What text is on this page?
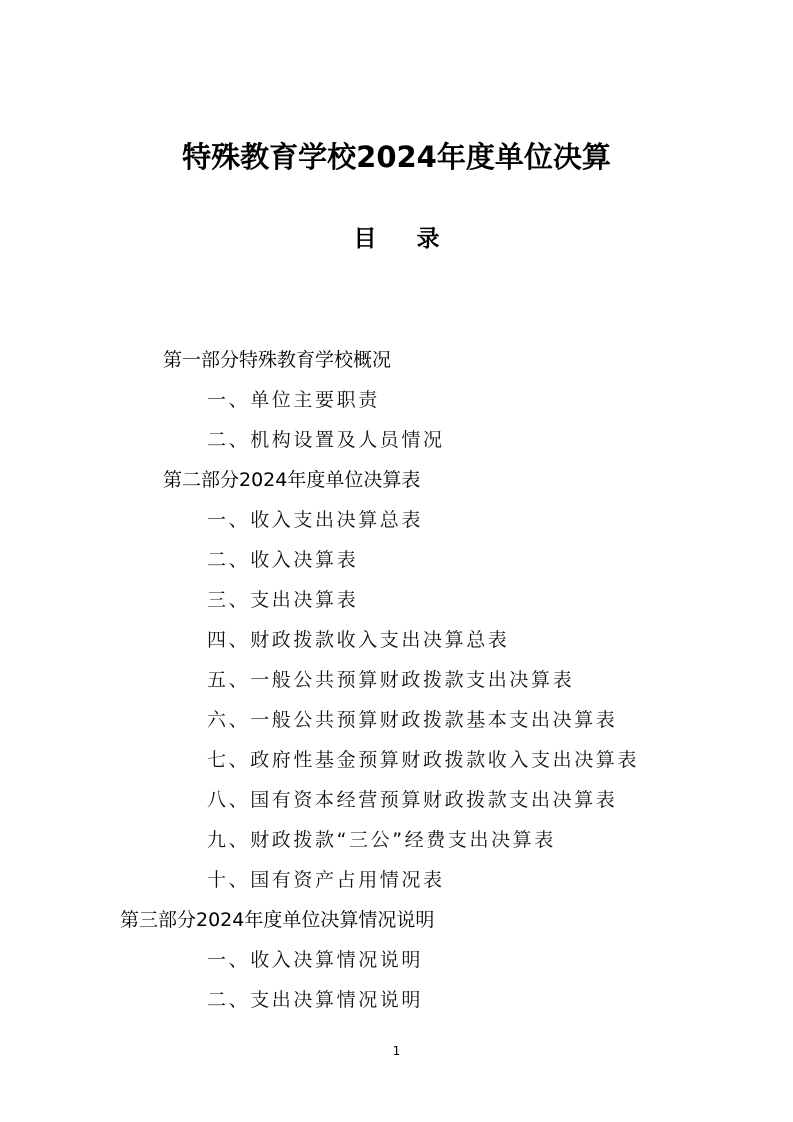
特殊教育学校2024年度单位决算
目录
第一部分特殊教育学校概况
一、单位主要职责
二、机构设置及人员情况
第二部分2024年度单位决算表
一、收入支出决算总表
二、收入决算表
三、支出决算表
四、财政拨款收入支出决算总表
五、一般公共预算财政拨款支出决算表
六、一般公共预算财政拨款基本支出决算表
七、政府性基金预算财政拨款收入支出决算表
八、国有资本经营预算财政拨款支出决算表
九、财政拨款“三公”经费支出决算表
十、国有资产占用情况表
第三部分2024年度单位决算情况说明
一、收入决算情况说明
二、支出决算情况说明
1
